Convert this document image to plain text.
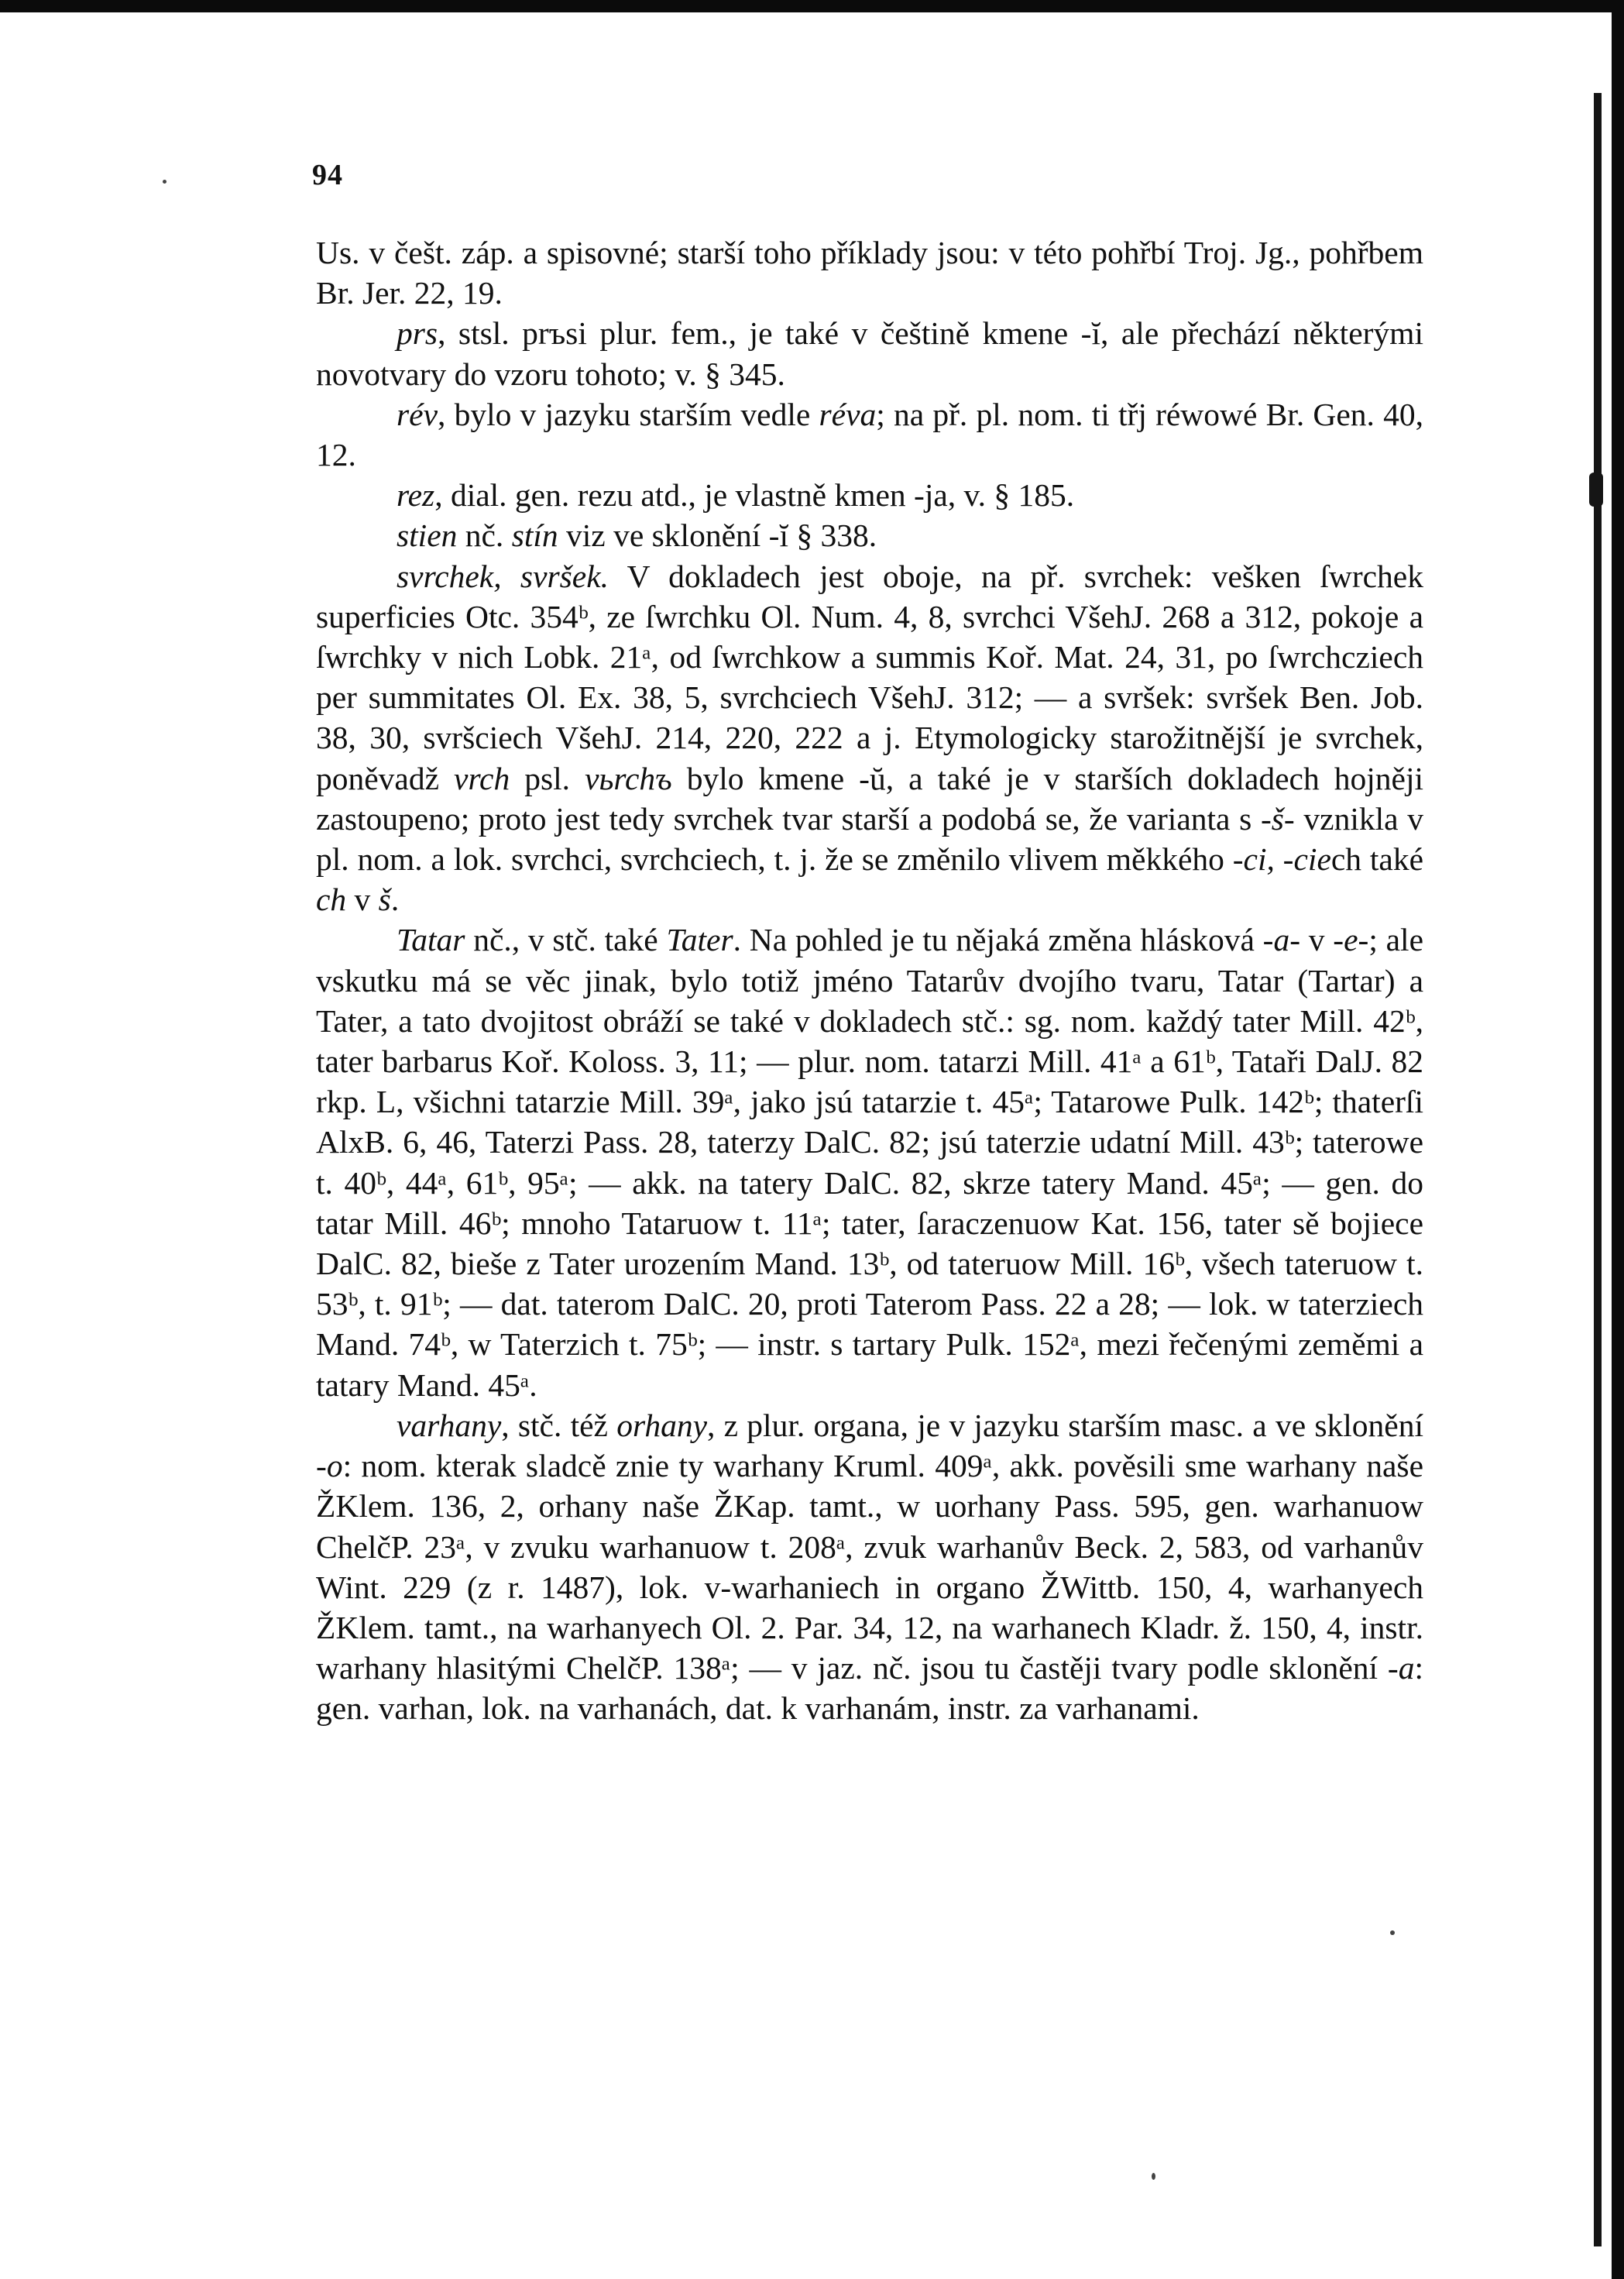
94

Us. v češt. záp. a spisovné; starší toho příklady jsou: v této pohřbí Troj. Jg., pohřbem Br. Jer. 22, 19.

prs, stsl. prъsi plur. fem., je také v češtině kmene -ĭ, ale přechází některými novotvary do vzoru tohoto; v. § 345.

rév, bylo v jazyku starším vedle réva; na př. pl. nom. ti třj réwowé Br. Gen. 40, 12.

rez, dial. gen. rezu atd., je vlastně kmen -ja, v. § 185.

stien nč. stín viz ve sklonění -ĭ § 338.

svrchek, svršek. V dokladech jest oboje, na př. svrchek: vešken ſwrchek superficies Otc. 354ᵇ, ze ſwrchku Ol. Num. 4, 8, svrchci VšehJ. 268 a 312, pokoje a ſwrchky v nich Lobk. 21ᵃ, od ſwrchkow a summis Koř. Mat. 24, 31, po ſwrchcziech per summitates Ol. Ex. 38, 5, svrchciech VšehJ. 312; — a svršek: svršek Ben. Job. 38, 30, svršciech VšehJ. 214, 220, 222 a j. Etymologicky starožitnější je svrchek, poněvadž vrch psl. vьrchъ bylo kmene -ŭ, a také je v starších dokladech hojněji zastoupeno; proto jest tedy svrchek tvar starší a podobá se, že varianta s -š- vznikla v pl. nom. a lok. svrchci, svrchciech, t. j. že se změnilo vlivem měkkého -ci, -ciech také ch v š.

Tatar nč., v stč. také Tater. Na pohled je tu nějaká změna hlásková -a- v -e-; ale vskutku má se věc jinak, bylo totiž jméno Tatarův dvojího tvaru, Tatar (Tartar) a Tater, a tato dvojitost obráží se také v dokladech stč.: sg. nom. každý tater Mill. 42ᵇ, tater barbarus Koř. Koloss. 3, 11; — plur. nom. tatarzi Mill. 41ᵃ a 61ᵇ, Tataři DalJ. 82 rkp. L, všichni tatarzie Mill. 39ᵃ, jako jsú tatarzie t. 45ᵃ; Tatarowe Pulk. 142ᵇ; thaterſi AlxB. 6, 46, Taterzi Pass. 28, taterzy DalC. 82; jsú taterzie udatní Mill. 43ᵇ; taterowe t. 40ᵇ, 44ᵃ, 61ᵇ, 95ᵃ; — akk. na tatery DalC. 82, skrze tatery Mand. 45ᵃ; — gen. do tatar Mill. 46ᵇ; mnoho Tataruow t. 11ᵃ; tater, ſaraczenuow Kat. 156, tater sě bojiece DalC. 82, bieše z Tater urozením Mand. 13ᵇ, od tateruow Mill. 16ᵇ, všech tateruow t. 53ᵇ, t. 91ᵇ; — dat. taterom DalC. 20, proti Taterom Pass. 22 a 28; — lok. w taterziech Mand. 74ᵇ, w Taterzich t. 75ᵇ; — instr. s tartary Pulk. 152ᵃ, mezi řečenými zeměmi a tatary Mand. 45ᵃ.

varhany, stč. též orhany, z plur. organa, je v jazyku starším masc. a ve sklonění -o: nom. kterak sladcě znie ty warhany Kruml. 409ᵃ, akk. pověsili sme warhany naše ŽKlem. 136, 2, orhany naše ŽKap. tamt., w uorhany Pass. 595, gen. warhanuow ChelčP. 23ᵃ, v zvuku warhanuow t. 208ᵃ, zvuk warhanův Beck. 2, 583, od varhanův Wint. 229 (z r. 1487), lok. v-warhaniech in organo ŽWittb. 150, 4, warhanyech ŽKlem. tamt., na warhanyech Ol. 2. Par. 34, 12, na warhanech Kladr. ž. 150, 4, instr. warhany hlasitými ChelčP. 138ᵃ; — v jaz. nč. jsou tu častěji tvary podle sklonění -a: gen. varhan, lok. na varhanách, dat. k varhanám, instr. za varhanami.
